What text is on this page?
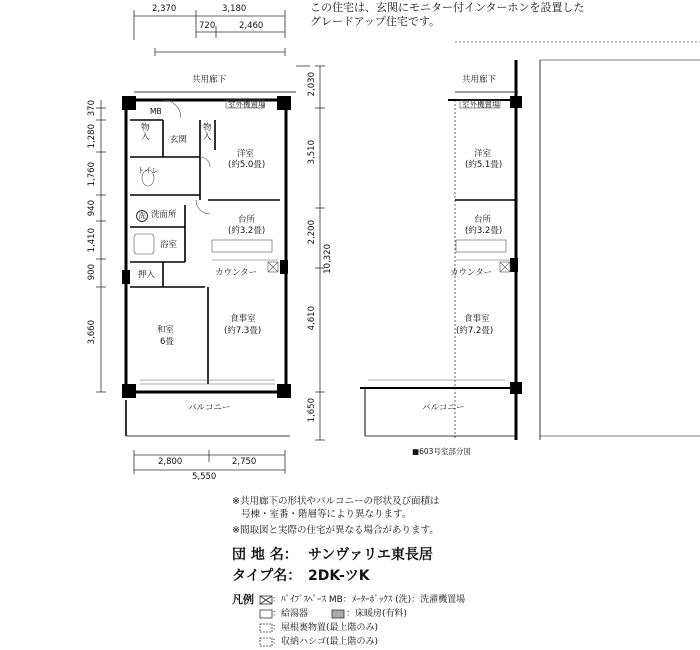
この住宅は、玄関にモニター付インターホンを設置した
グレードアップ住宅です。
2,370	3,180
720	2,460
370
1,280
1,760
940
1,410
900
3,660
2,030
3,510
2,200
4,610
1,650
10,320
2,800	2,750
5,550
共用廊下
室外機置場
MB
物
入
物
入
玄関
洋室
(約5.0畳)
トイレ
洗 洗面所	台所
(約3.2畳)
浴室
押入	カウンター
和室
6畳
食事室
(約7.3畳)
バルコニー
共用廊下
室外機置場
洋室
(約5.1畳)
台所
(約3.2畳)
カウンター
食事室
(約7.2畳)
バルコニー
■603号室部分図
※共用廊下の形状やバルコニーの形状及び面積は
号棟・室番・階層等により異なります。
※間取図と実際の住宅が異なる場合があります。
団 地 名： サンヴァリエ東長居
タイプ名： 2DK-ツK
凡例 ：ﾊﾟｲﾌﾟｽﾍﾟｰｽ MB：ﾒｰﾀｰﾎﾞｯｸｽ (洗)：洗濯機置場
：給湯器	：床暖房(有料)
：屋根裏物置(最上階のみ)
：収納ハシゴ(最上階のみ)
